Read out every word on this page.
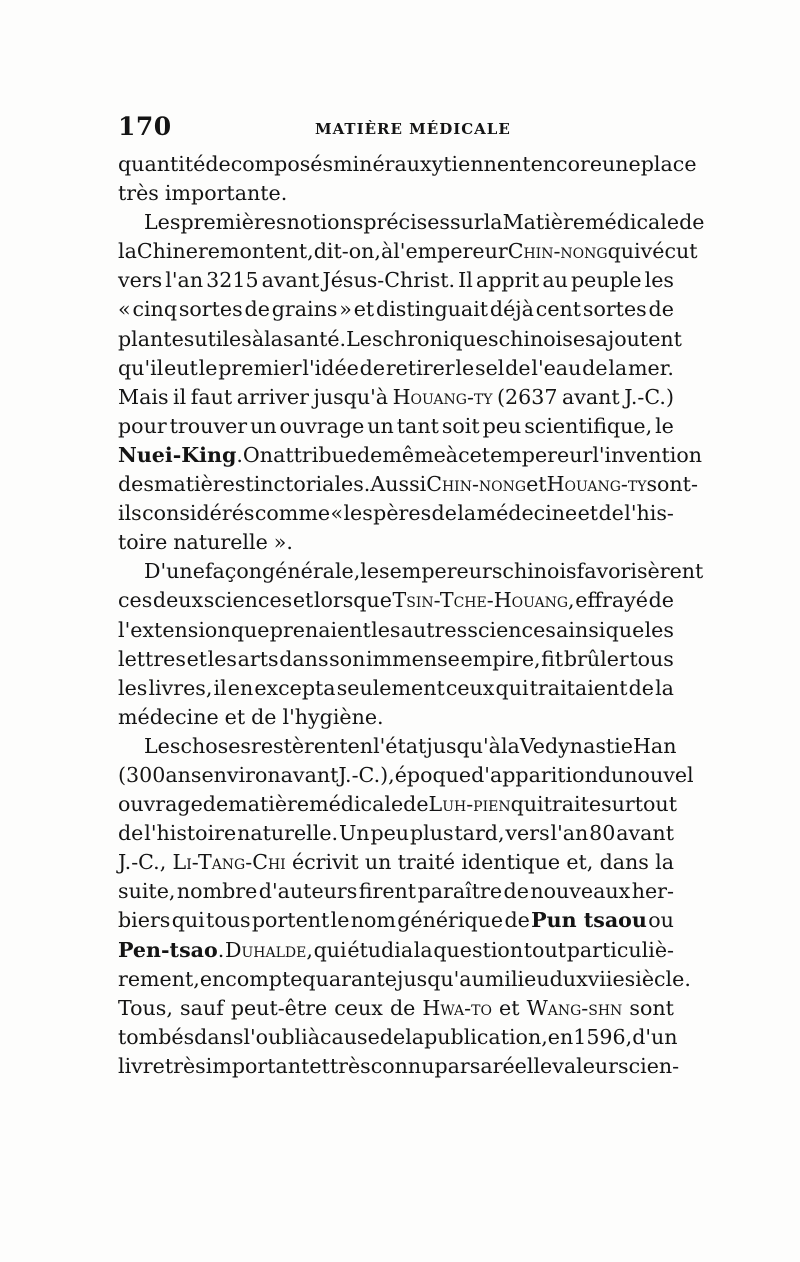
170	MATIÈRE MÉDICALE
quantité de composés minéraux y tiennent encore une place
très importante.
Les premières notions précises sur la Matière médicale de
la Chine remontent, dit-on, à l'empereur Chin-nong qui vécut
vers l'an 3215 avant Jésus-Christ. Il apprit au peuple les
« cinq sortes de grains » et distinguait déjà cent sortes de
plantes utiles à la santé. Les chroniques chinoises ajoutent
qu'il eut le premier l'idée de retirer le sel de l'eau de la mer.
Mais il faut arriver jusqu'à Houang-ty (2637 avant J.-C.)
pour trouver un ouvrage un tant soit peu scientifique, le
Nuei-King. On attribue de même à cet empereur l'invention
des matières tinctoriales. Aussi Chin-nong et Houang-ty sont-
ils considérés comme « les pères de la médecine et de l'his-
toire naturelle ».
D'une façon générale, les empereurs chinois favorisèrent
ces deux sciences et lorsque Tsin-Tche-Houang, effrayé de
l'extension que prenaient les autres sciences ainsi que les
lettres et les arts dans son immense empire, fit brûler tous
les livres, il en excepta seulement ceux qui traitaient de la
médecine et de l'hygiène.
Les choses restèrent en l'état jusqu'à la Ve dynastie Han
(300 ans environ avant J.-C.), époque d'apparition du nouvel
ouvrage de matière médicale de Luh-pien qui traite surtout
de l'histoire naturelle. Un peu plus tard, vers l'an 80 avant
J.-C., Li-Tang-Chi écrivit un traité identique et, dans la
suite, nombre d'auteurs firent paraître de nouveaux her-
biers qui tous portent le nom générique de Pun tsaou ou
Pen-tsao. Duhalde, qui étudia la question tout particuliè-
rement, en compte quarante jusqu'au milieu du xviie siècle.
Tous, sauf peut-être ceux de Hwa-to et Wang-shn sont
tombés dans l'oubli à cause de la publication, en 1596, d'un
livre très important et très connu par sa réelle valeur scien-
